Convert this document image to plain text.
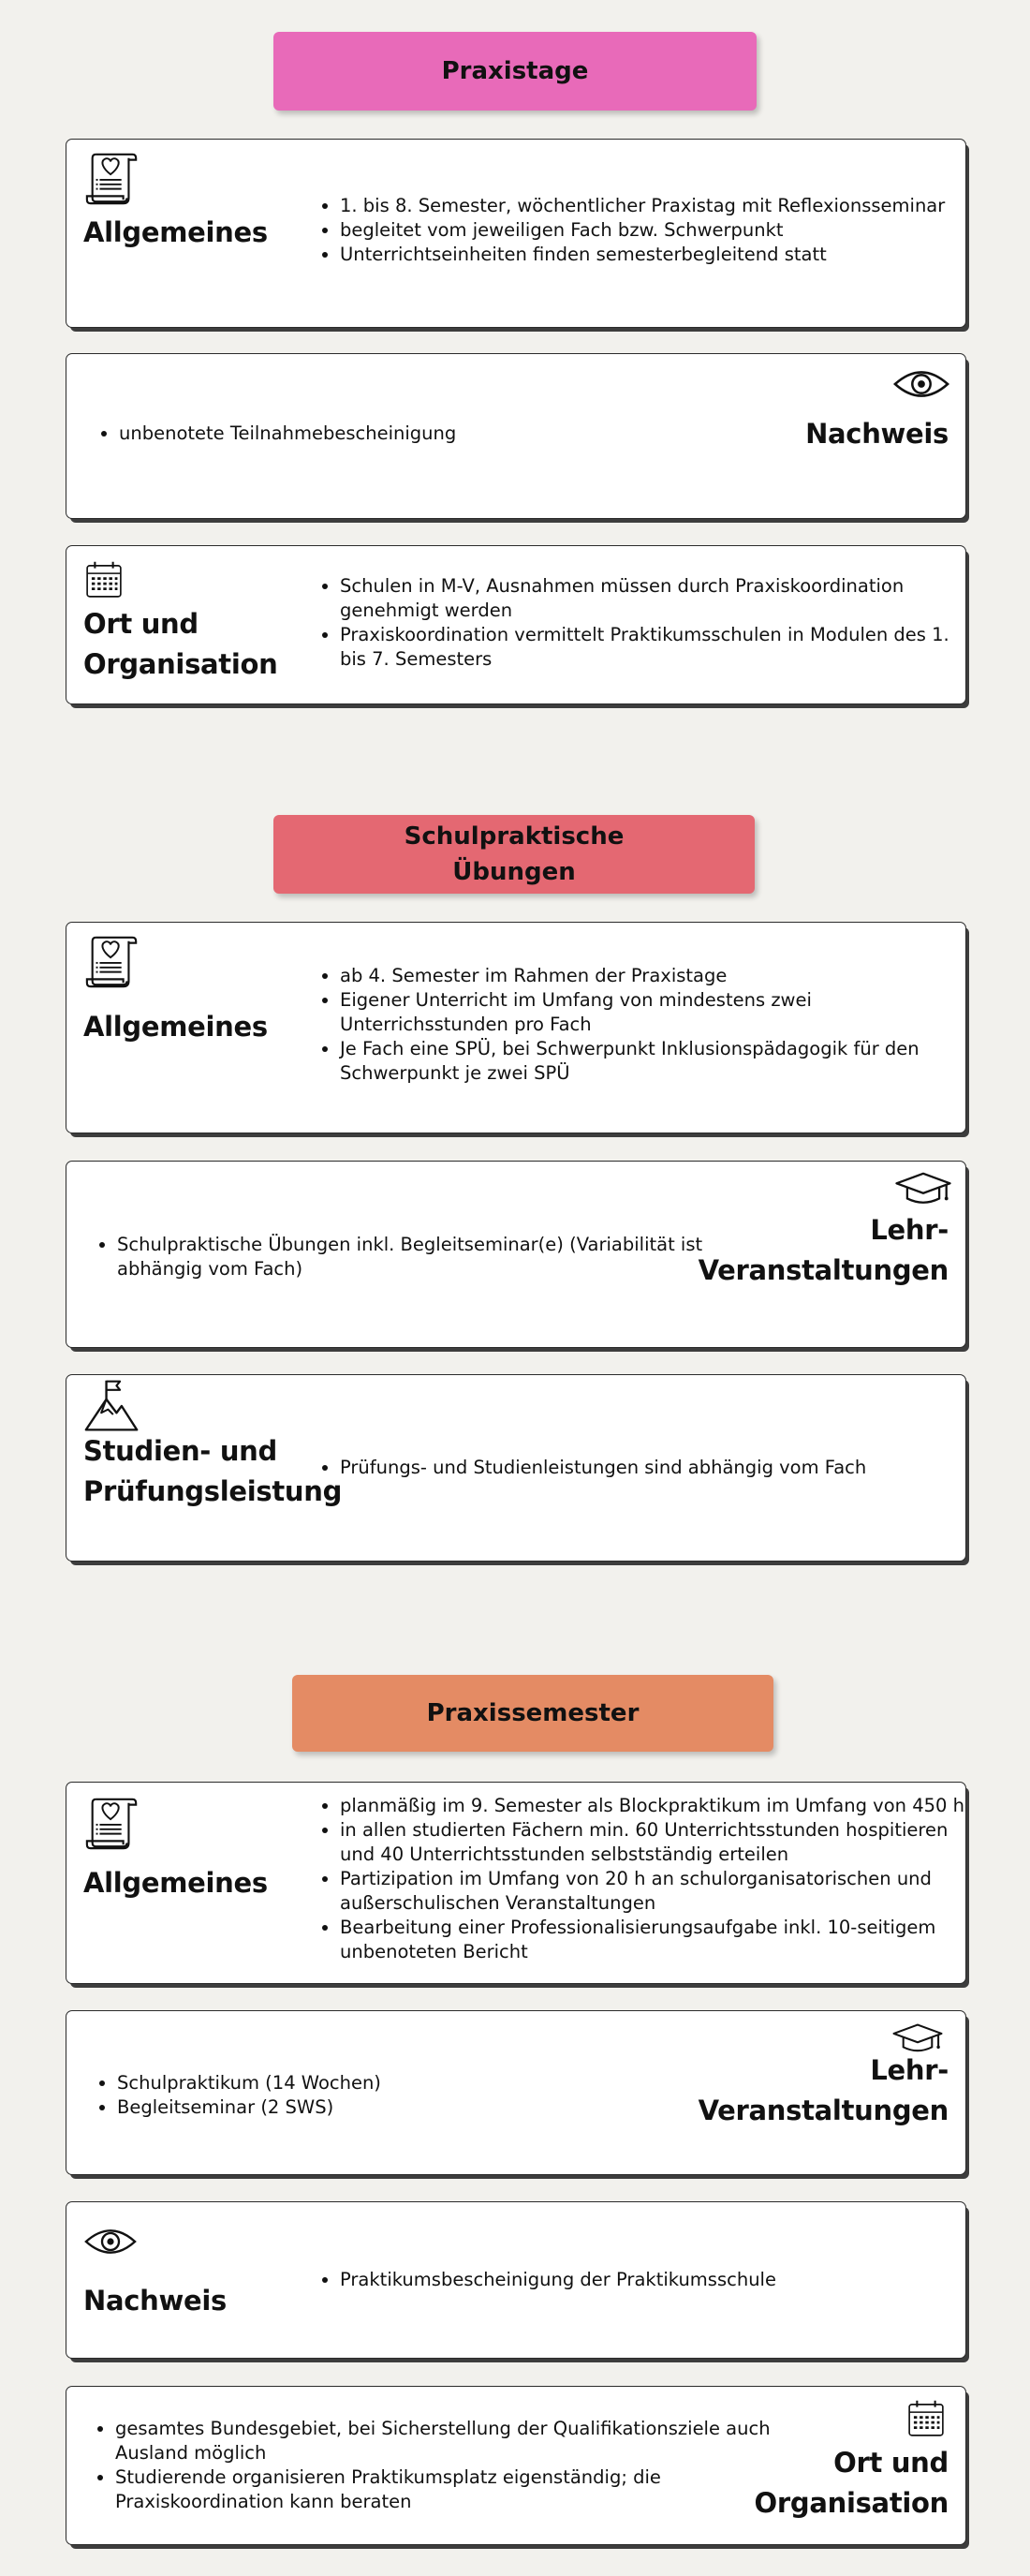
Praxistage
Allgemeines
• 1. bis 8. Semester, wöchentlicher Praxistag mit Reflexionsseminar
• begleitet vom jeweiligen Fach bzw. Schwerpunkt
• Unterrichtseinheiten finden semesterbegleitend statt
• unbenotete Teilnahmebescheinigung	Nachweis
Ort und
Organisation
• Schulen in M-V, Ausnahmen müssen durch Praxiskoordination genehmigt werden
• Praxiskoordination vermittelt Praktikumsschulen in Modulen des 1. bis 7. Semesters
Schulpraktische
Übungen
Allgemeines
• ab 4. Semester im Rahmen der Praxistage
• Eigener Unterricht im Umfang von mindestens zwei Unterrichsstunden pro Fach
• Je Fach eine SPÜ, bei Schwerpunkt Inklusionspädagogik für den Schwerpunkt je zwei SPÜ
• Schulpraktische Übungen inkl. Begleitseminar(e) (Variabilität ist abhängig vom Fach)
Lehr-
Veranstaltungen
Studien- und
Prüfungsleistung
• Prüfungs- und Studienleistungen sind abhängig vom Fach
Praxissemester
Allgemeines
• planmäßig im 9. Semester als Blockpraktikum im Umfang von 450 h
• in allen studierten Fächern min. 60 Unterrichtsstunden hospitieren und 40 Unterrichtsstunden selbstständig erteilen
• Partizipation im Umfang von 20 h an schulorganisatorischen und außerschulischen Veranstaltungen
• Bearbeitung einer Professionalisierungsaufgabe inkl. 10-seitigem unbenoteten Bericht
• Schulpraktikum (14 Wochen)
• Begleitseminar (2 SWS)
Lehr-
Veranstaltungen
Nachweis
• Praktikumsbescheinigung der Praktikumsschule
• gesamtes Bundesgebiet, bei Sicherstellung der Qualifikationsziele auch Ausland möglich
• Studierende organisieren Praktikumsplatz eigenständig; die Praxiskoordination kann beraten
Ort und
Organisation
